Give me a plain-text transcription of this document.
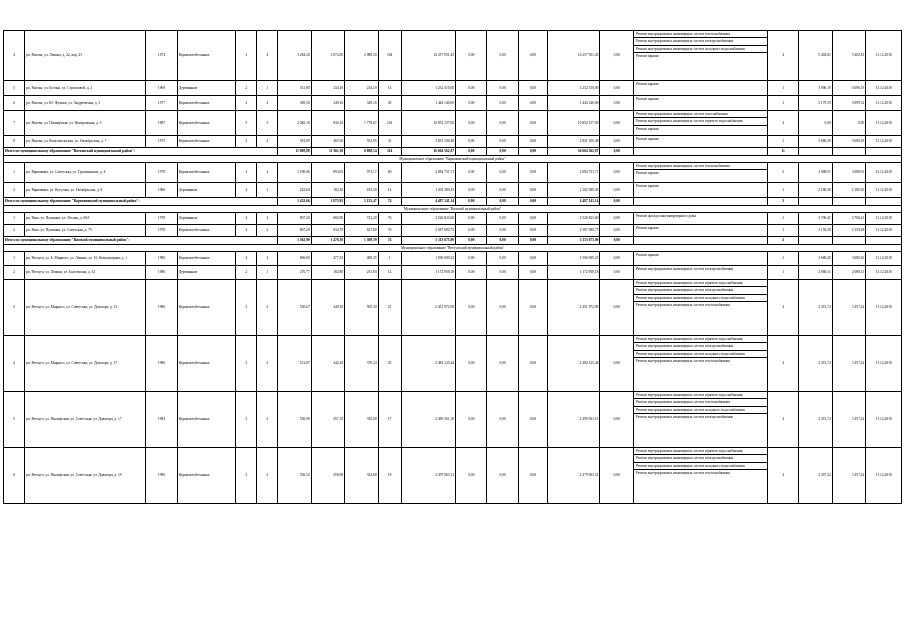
4	рп. Вахтан, ул. Ленина, д. 22, кор. 25	1974	Керамзитобетонные	3	4	3 284,20	3 072,00	2 088,50	104	16 257 951,45	0,00	0,00	0,00	16 257 951,45	0,00	Ремонт внутридомовых инженерных систем теплоснабжения
Ремонт внутридомовых инженерных систем электроснабжения
Ремонт внутридомовых инженерных систем холодного водоснабжения
Ремонт крыши	4	5 402,81	5 402,81	31.12.2018
5	рп. Вахтан, ул. Бутина, ул. Стрелковой, д. 2	1969	Деревянные	2	1	331,80	234,10	234,10	14	1 232 510,00	0,00	0,00	0,00	1 232 510,00	0,00	Ремонт крыши	1	3 696,19	3 696,19	31.12.2018
6	рп. Вахтан, ул. Ю. Фучика, ул. Андреевская, д. 3	1977	Керамзитобетонные	2	2	369,50	349,16	349,16	20	1 444 140,00	0,00	0,00	0,00	1 444 140,00	0,00	Ремонт крыши	1	3 179,35	3 899,32	31.12.2018
7	рп. Вахтан, ул. Пионерская, ул. Центральная, д. 5	1987	Керамзитобетонные	5	3	2 082,10	836,10	1 778,07	143	10 852 157,00	0,00	0,00	0,00	10 852 157,00	0,00	Ремонт внутридомовых инженерных систем газоснабжения
Ремонт внутридомовых инженерных систем горячего водоснабжения
Ремонт крыши	4	0,00	0,00	31.12.2018
8	рп. Вахтан, ул. Комсомольская, ул. Октябрьская, д. 7	1975	Керамзитобетонные	2	2	581,05	465,56	553,95	31	2 831 106,48	0,00	0,00	0,00	2 831 106,48	0,00	Ремонт крыши	1	3 680,29	3 680,29	31.12.2018
Итого по муниципальному образованию "Вахтанский муниципальный район":						11 698,98	11 361,30	8 808,14	314	36 664 562,07	0,00	0,00	0,00	36 664 562,07	0,00		11			
Муниципальное образование "Варнавинский муниципальный район"																				
1	рп. Варнавино, ул. Советская, ул. Труженников, д. 4	1978	Керамзитобетонные	3	2	1 190,06	893,65	973,17	60	2 084 751,71	0,00	0,00	0,00	2 084 751,71	0,00	Ремонт внутридомовых инженерных систем теплоснабжения
Ремонт крыши	2	3 688,91	3 688,91	31.12.2018
2	рп. Варнавино, ул. Кутузова, ул. Октябрьская, д. 8	1960	Деревянные	2	1	242,60	182,30	182,30	14	1 202 389,43	0,00	0,00	0,00	1 202 389,43	0,00	Ремонт крыши	1	2 180,30	2 180,30	31.12.2018
Итого по муниципальному образованию "Варнавинский муниципальный район":						1 432,66	1 075,95	1 155,47	74	4 487 141,14	0,00	0,00	0,00	4 487 141,14	0,00		3			
Муниципальное образование "Вачский муниципальный район"																				
1	рп. Вача, ул. Пушкина, ул. Лесная, д. 60А	1978	Деревянные	2	2	807,20	682,90	723,20	76	2 526 823,00	0,00	0,00	0,00	2 526 823,00	0,00	Ремонт фасада многоквартирного дома	1	3 706,41	3 706,41	31.12.2018
2	рп. Вача, ул. Пушкина, ул. Советская, д. 75	1978	Керамзитобетонные	2	2	807,20	834,70	627,80	76	2 587 690,75	0,00	0,00	0,00	2 587 690,75	0,00	Ремонт крыши	1	3 159,28	3 159,28	31.12.2018
Итого по муниципальному образованию "Вачский муниципальный район":						1 562,90	1 478,10	1 300,39	74	5 113 673,90	0,00	0,00	0,00	5 113 673,90	0,00		2			
Муниципальное образование "Ветлужский муниципальный район"																				
1	рп. Ветлуга, ул. Б. Мирного, ул. Ленина, ул. 16, Коммунарная, д. 1	1980	Керамзитобетонные	2	2	669,80	477,35	489,35	1	1 596 009,23	0,00	0,00	0,00	1 596 009,23	0,00	Ремонт крыши	1	3 680,20	3 680,20	31.12.2018
2	рп. Ветлуга, ул. Ленина, ул. Балоевская, д. 32	1980	Деревянные	2	1	270,77	182,88	251,93	12	1 172 958,18	0,00	0,00	0,00	1 172 958,18	0,00	Ремонт внутридомовых инженерных систем электроснабжения	1	2 080,11	2 080,11	31.12.2018
3	рп. Ветлуга, ул. Мирного, ул. Советская, ул. Доватора, д. 13	1989	Керамзитобетонные	2	2	530,67	449,39	505,30	21	2 451 972,99	0,00	0,00	0,00	2 451 972,99	0,00	Ремонт внутридомовых инженерных систем горячего водоснабжения
Ремонт внутридомовых инженерных систем электроснабжения
Ремонт внутридомовых инженерных систем холодного водоснабжения
Ремонт внутридомовых инженерных систем теплоснабжения	4	3 451,72	3 457,22	31.12.2018
4	рп. Ветлуга, ул. Мирного, ул. Советская, ул. Доватора, д. 17	1989	Керамзитобетонные	2	2	513,67	442,28	370,24	25	2 482 125,44	0,00	0,00	0,00	2 482 125,44	0,00	Ремонт внутридомовых инженерных систем горячего водоснабжения
Ремонт внутридомовых инженерных систем электроснабжения
Ремонт внутридомовых инженерных систем холодного водоснабжения
Ремонт внутридомовых инженерных систем теплоснабжения	4	3 451,72	3 457,22	31.12.2018
5	рп. Ветлуга, ул. Пионерская, ул. Советская, ул. Доватора, д. 17	1984	Керамзитобетонные	2	2	530,90	457,10	350,00	17	2 490 561,10	0,00	0,00	0,00	2 490 561,10	0,00	Ремонт внутридомовых инженерных систем горячего водоснабжения
Ремонт внутридомовых инженерных систем теплоснабжения
Ремонт внутридомовых инженерных систем холодного водоснабжения
Ремонт внутридомовых инженерных систем электроснабжения	4	3 451,72	3 457,22	31.12.2018
6	рп. Ветлуга, ул. Пионерская, ул. Советская, ул. Доватора, д. 19	1990	Керамзитобетонные	2	2	536,52	456,98	323,80	19	2 479 963,31	0,00	0,00	0,00	2 479 963,31	0,00	Ремонт внутридомовых инженерных систем горячего водоснабжения
Ремонт внутридомовых инженерных систем электроснабжения
Ремонт внутридомовых инженерных систем холодного водоснабжения
Ремонт внутридомовых инженерных систем теплоснабжения	4	3 457,22	3 457,22	31.12.2018
